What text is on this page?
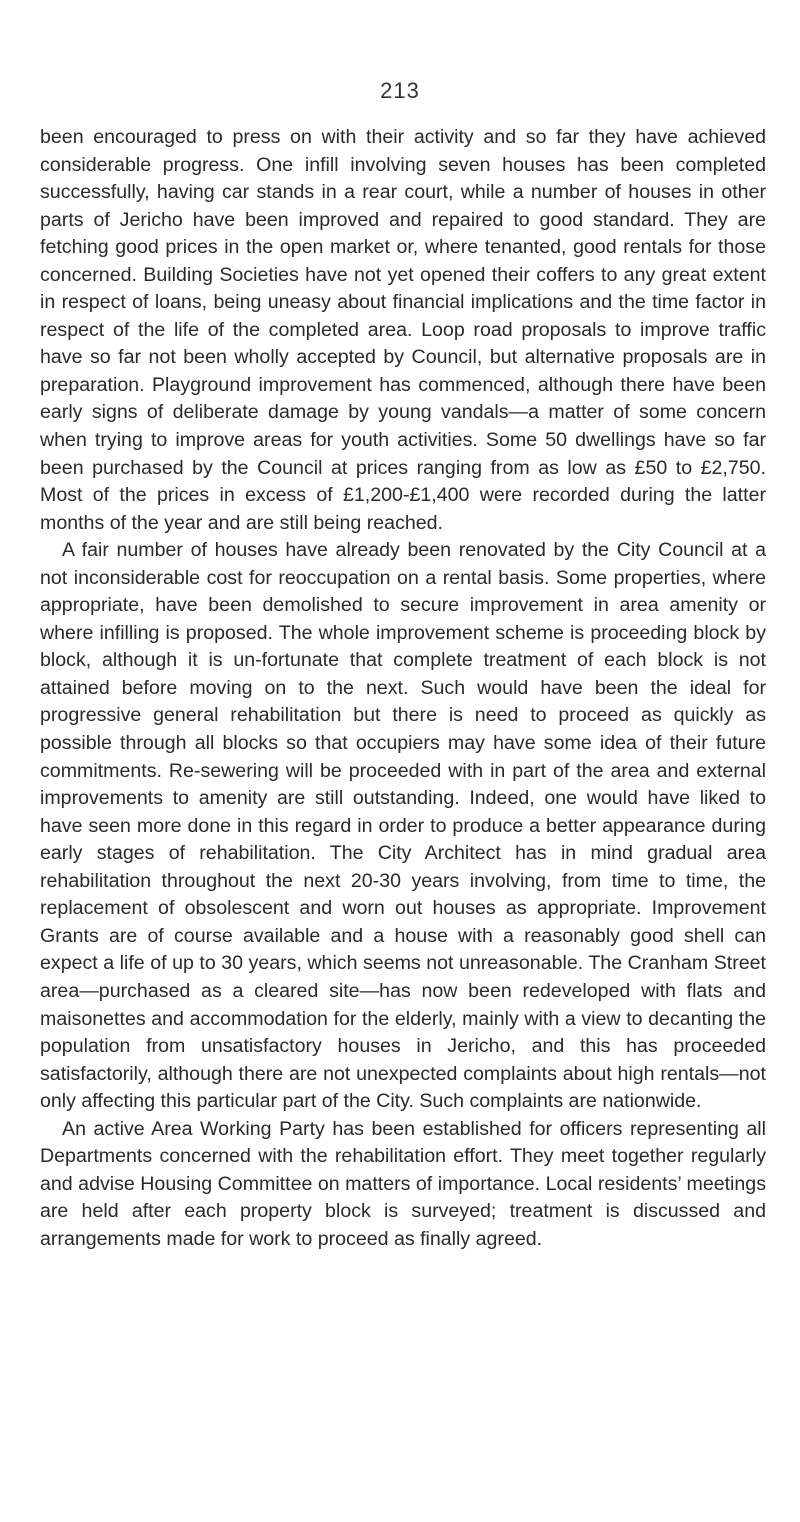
213

been encouraged to press on with their activity and so far they have achieved considerable progress. One infill involving seven houses has been completed successfully, having car stands in a rear court, while a number of houses in other parts of Jericho have been improved and repaired to good standard. They are fetching good prices in the open market or, where tenanted, good rentals for those concerned. Building Societies have not yet opened their coffers to any great extent in respect of loans, being uneasy about financial implications and the time factor in respect of the life of the completed area. Loop road proposals to improve traffic have so far not been wholly accepted by Council, but alternative proposals are in preparation. Playground improvement has commenced, although there have been early signs of deliberate damage by young vandals—a matter of some concern when trying to improve areas for youth activities. Some 50 dwellings have so far been purchased by the Council at prices ranging from as low as £50 to £2,750. Most of the prices in excess of £1,200-£1,400 were recorded during the latter months of the year and are still being reached.

A fair number of houses have already been renovated by the City Council at a not inconsiderable cost for reoccupation on a rental basis. Some properties, where appropriate, have been demolished to secure improvement in area amenity or where infilling is proposed. The whole improvement scheme is proceeding block by block, although it is un-fortunate that complete treatment of each block is not attained before moving on to the next. Such would have been the ideal for progressive general rehabilitation but there is need to proceed as quickly as possible through all blocks so that occupiers may have some idea of their future commitments. Re-sewering will be proceeded with in part of the area and external improvements to amenity are still outstanding. Indeed, one would have liked to have seen more done in this regard in order to produce a better appearance during early stages of rehabilitation. The City Architect has in mind gradual area rehabilitation throughout the next 20-30 years involving, from time to time, the replacement of obsolescent and worn out houses as appropriate. Improvement Grants are of course available and a house with a reasonably good shell can expect a life of up to 30 years, which seems not unreasonable. The Cranham Street area—purchased as a cleared site—has now been redeveloped with flats and maisonettes and accommodation for the elderly, mainly with a view to decanting the population from unsatisfactory houses in Jericho, and this has proceeded satisfactorily, although there are not unexpected complaints about high rentals—not only affecting this particular part of the City. Such complaints are nationwide.

An active Area Working Party has been established for officers representing all Departments concerned with the rehabilitation effort. They meet together regularly and advise Housing Committee on matters of importance. Local residents’ meetings are held after each property block is surveyed; treatment is discussed and arrangements made for work to proceed as finally agreed.
